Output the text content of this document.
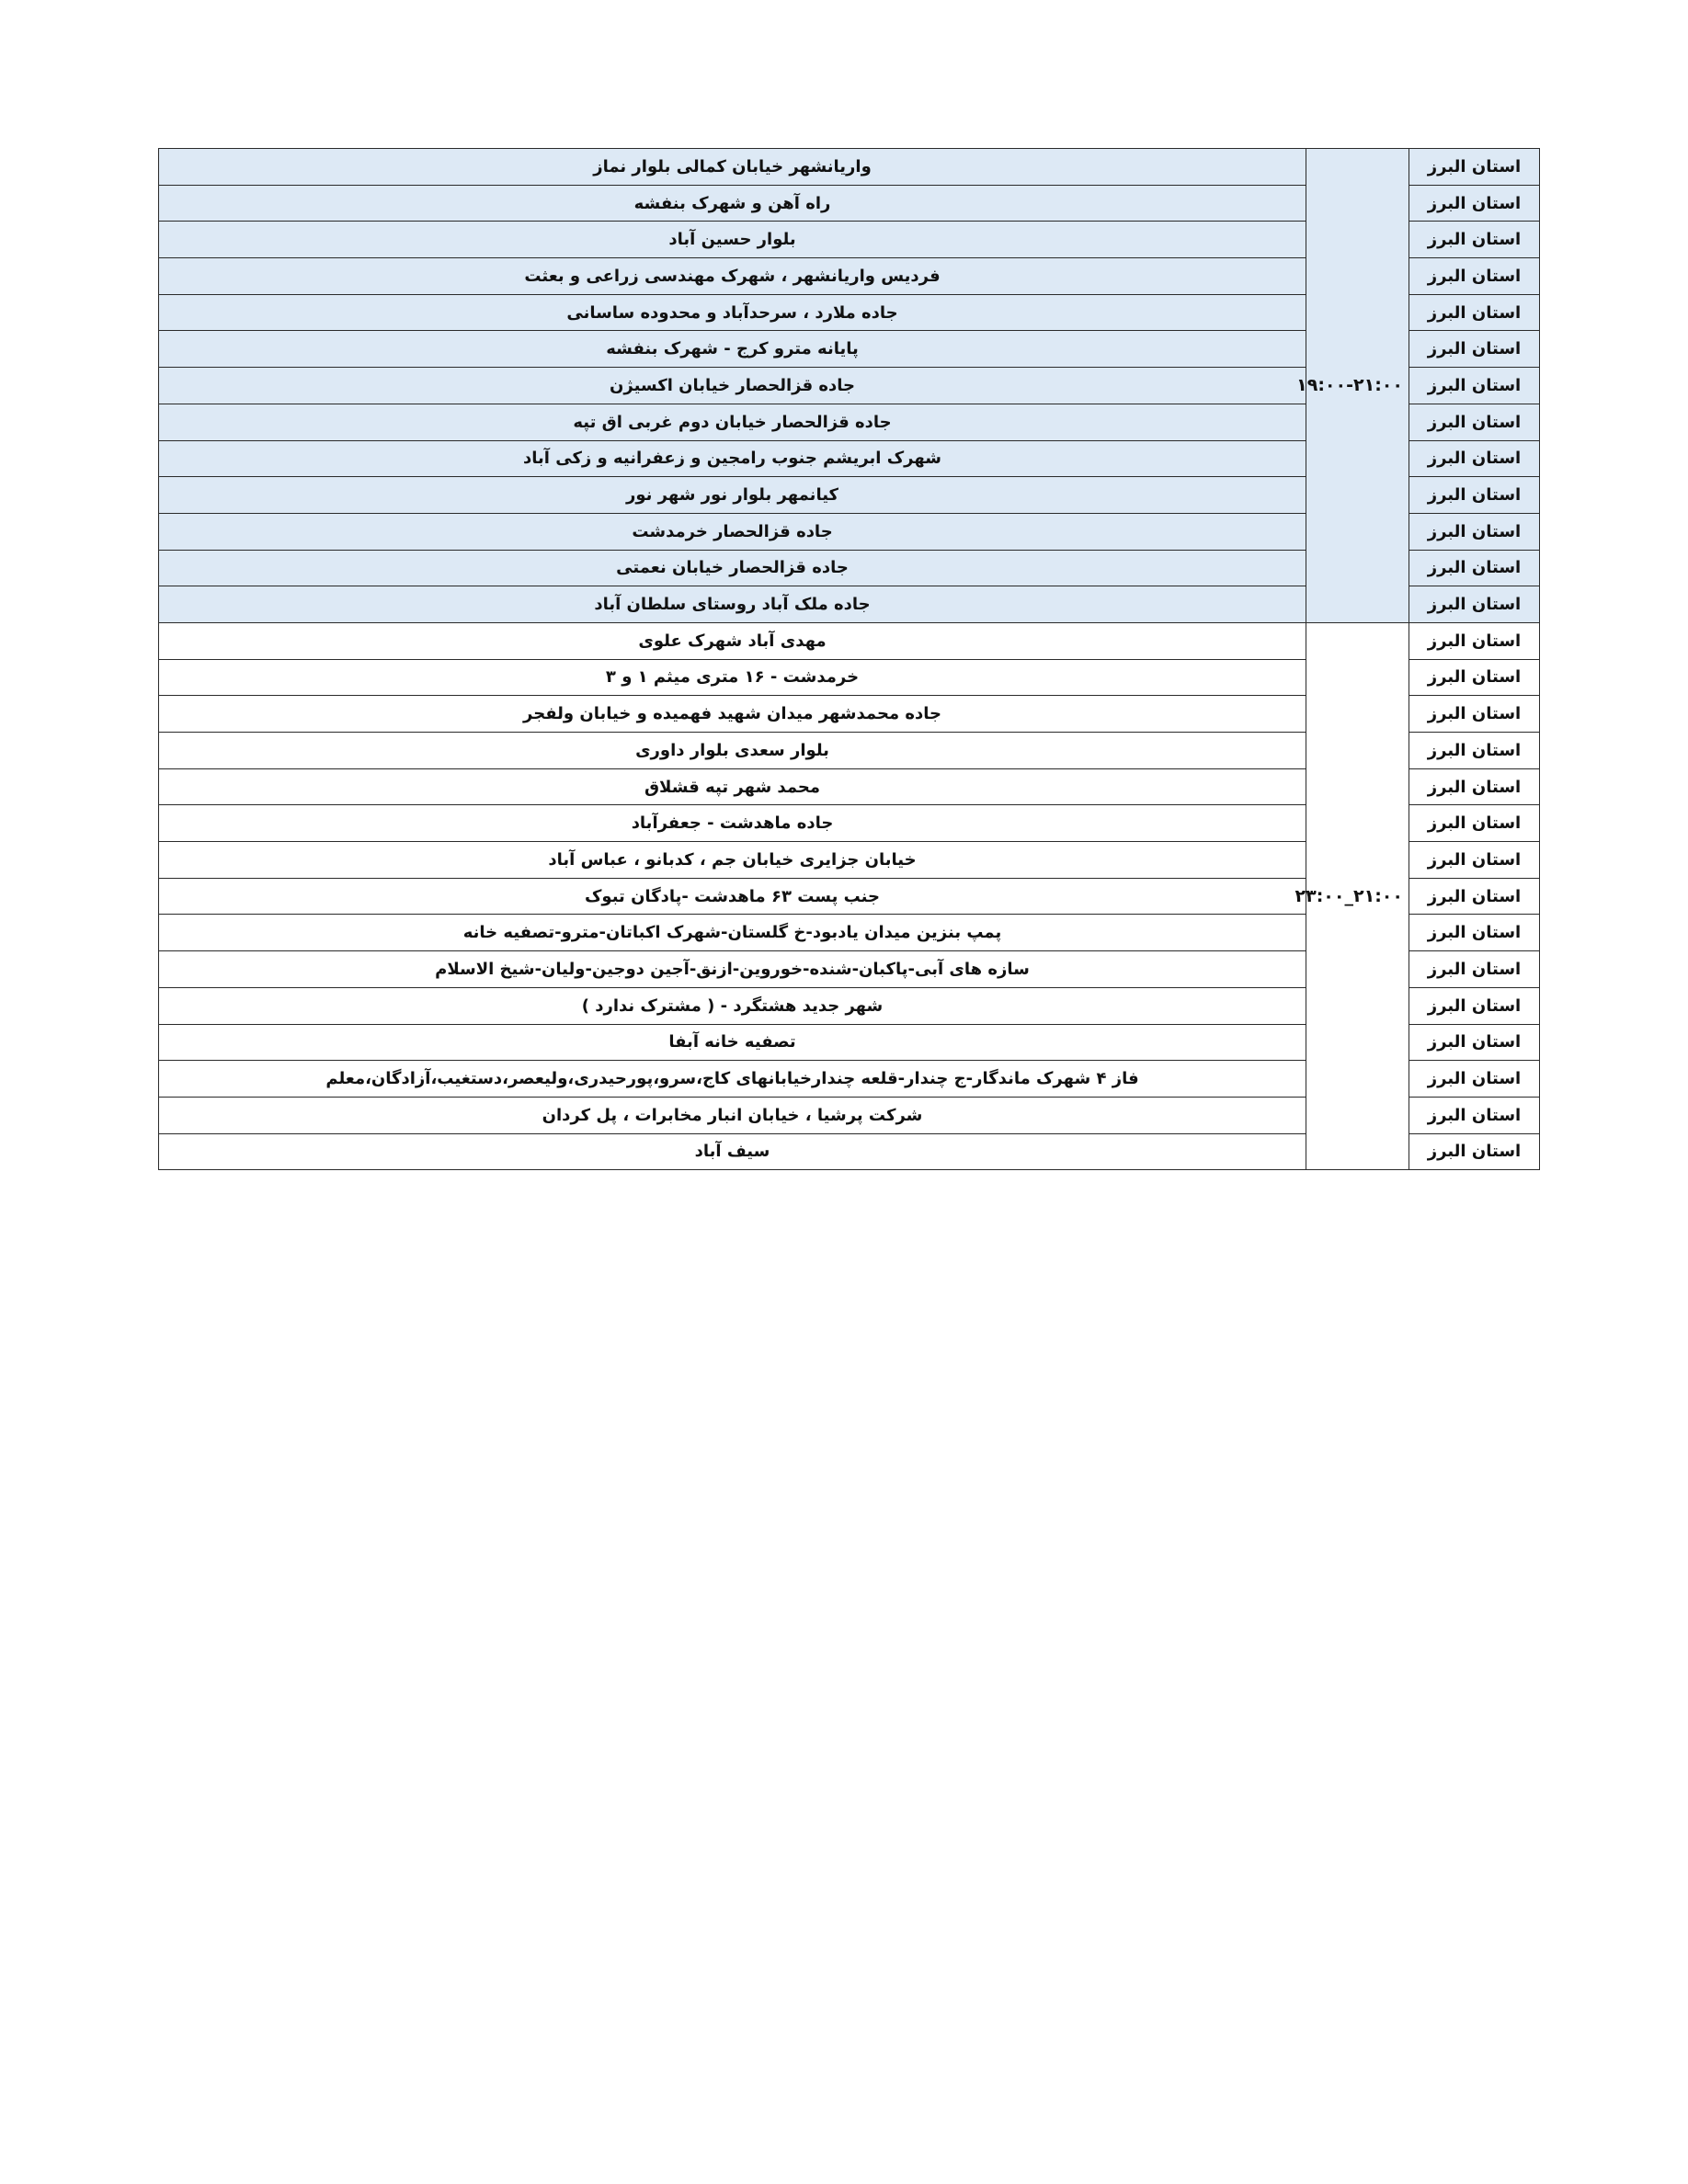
استان البرز	۱۹:۰۰-۲۱:۰۰	واریانشهر خیابان کمالی بلوار نماز
استان البرز		راه آهن و شهرک بنفشه
استان البرز		بلوار حسین آباد
استان البرز		فردیس واریانشهر ، شهرک مهندسی زراعی و بعثت
استان البرز		جاده ملارد ، سرحدآباد و محدوده ساسانی
استان البرز		پایانه مترو کرج - شهرک بنفشه
استان البرز		جاده قزالحصار خیابان اکسیژن
استان البرز		جاده قزالحصار خیابان دوم غربی اق تپه
استان البرز		شهرک ابریشم جنوب رامجین و زعفرانیه و زکی آباد
استان البرز		کیانمهر بلوار نور شهر نور
استان البرز		جاده قزالحصار خرمدشت
استان البرز		جاده قزالحصار خیابان نعمتی
استان البرز		جاده ملک آباد روستای سلطان آباد
استان البرز	۲۱:۰۰_۲۳:۰۰	مهدی آباد شهرک علوی
استان البرز		خرمدشت - ۱۶ متری میثم ۱ و ۳
استان البرز		جاده محمدشهر میدان شهید فهمیده و خیابان ولفجر
استان البرز		بلوار سعدی بلوار داوری
استان البرز		محمد شهر تپه قشلاق
استان البرز		جاده ماهدشت - جعفرآباد
استان البرز		خیابان جزایری خیابان جم ، کدبانو ، عباس آباد
استان البرز		جنب پست ۶۳ ماهدشت -پادگان تبوک
استان البرز		پمپ بنزین میدان یادبود-خ گلستان-شهرک اکباتان-مترو-تصفیه خانه
استان البرز		سازه های آبی-پاکبان-شنده-خوروین-ازنق-آجین دوجین-ولیان-شیخ الاسلام
استان البرز		شهر جدید هشتگرد - ( مشترک ندارد )
استان البرز		تصفیه خانه آبفا
استان البرز		فاز ۴ شهرک ماندگار-ج چندار-قلعه چندارخیابانهای کاج،سرو،پورحیدری،ولیعصر،دستغیب،آزادگان،معلم
استان البرز		شرکت پرشیا ، خیابان انبار مخابرات ، پل کردان
استان البرز		سیف آباد
